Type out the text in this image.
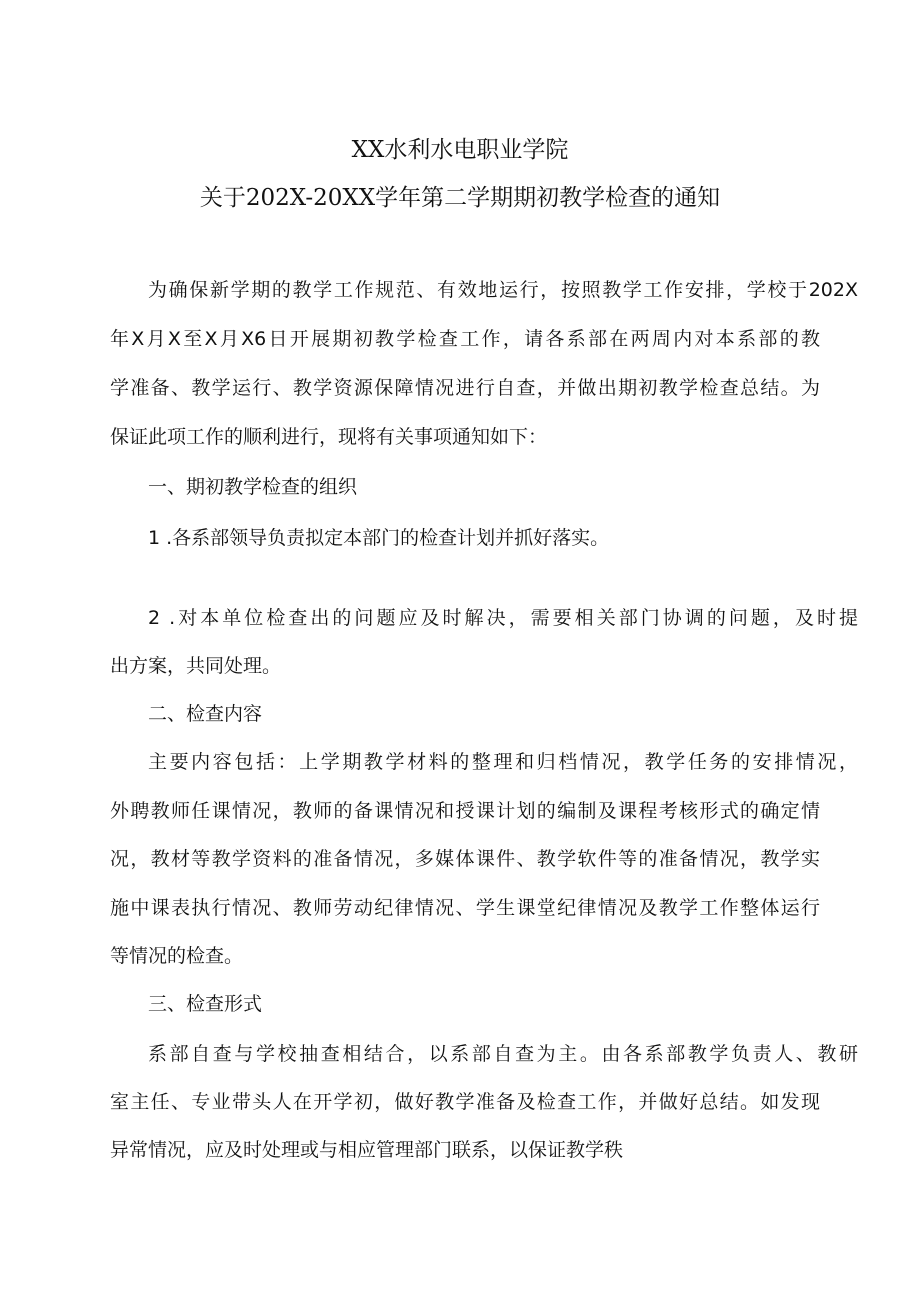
XX水利水电职业学院
关于202X-20XX学年第二学期期初教学检查的通知
为确保新学期的教学工作规范、有效地运行，按照教学工作安排，学校于202X
年X月X至X月X6日开展期初教学检查工作，请各系部在两周内对本系部的教
学准备、教学运行、教学资源保障情况进行自查，并做出期初教学检查总结。为
保证此项工作的顺利进行，现将有关事项通知如下：
一、期初教学检查的组织
1 .各系部领导负责拟定本部门的检查计划并抓好落实。
2 .对本单位检查出的问题应及时解决，需要相关部门协调的问题，及时提
出方案，共同处理。
二、检查内容
主要内容包括：上学期教学材料的整理和归档情况，教学任务的安排情况，
外聘教师任课情况，教师的备课情况和授课计划的编制及课程考核形式的确定情
况，教材等教学资料的准备情况，多媒体课件、教学软件等的准备情况，教学实
施中课表执行情况、教师劳动纪律情况、学生课堂纪律情况及教学工作整体运行
等情况的检查。
三、检查形式
系部自查与学校抽查相结合，以系部自查为主。由各系部教学负责人、教研
室主任、专业带头人在开学初，做好教学准备及检查工作，并做好总结。如发现
异常情况，应及时处理或与相应管理部门联系，以保证教学秩
